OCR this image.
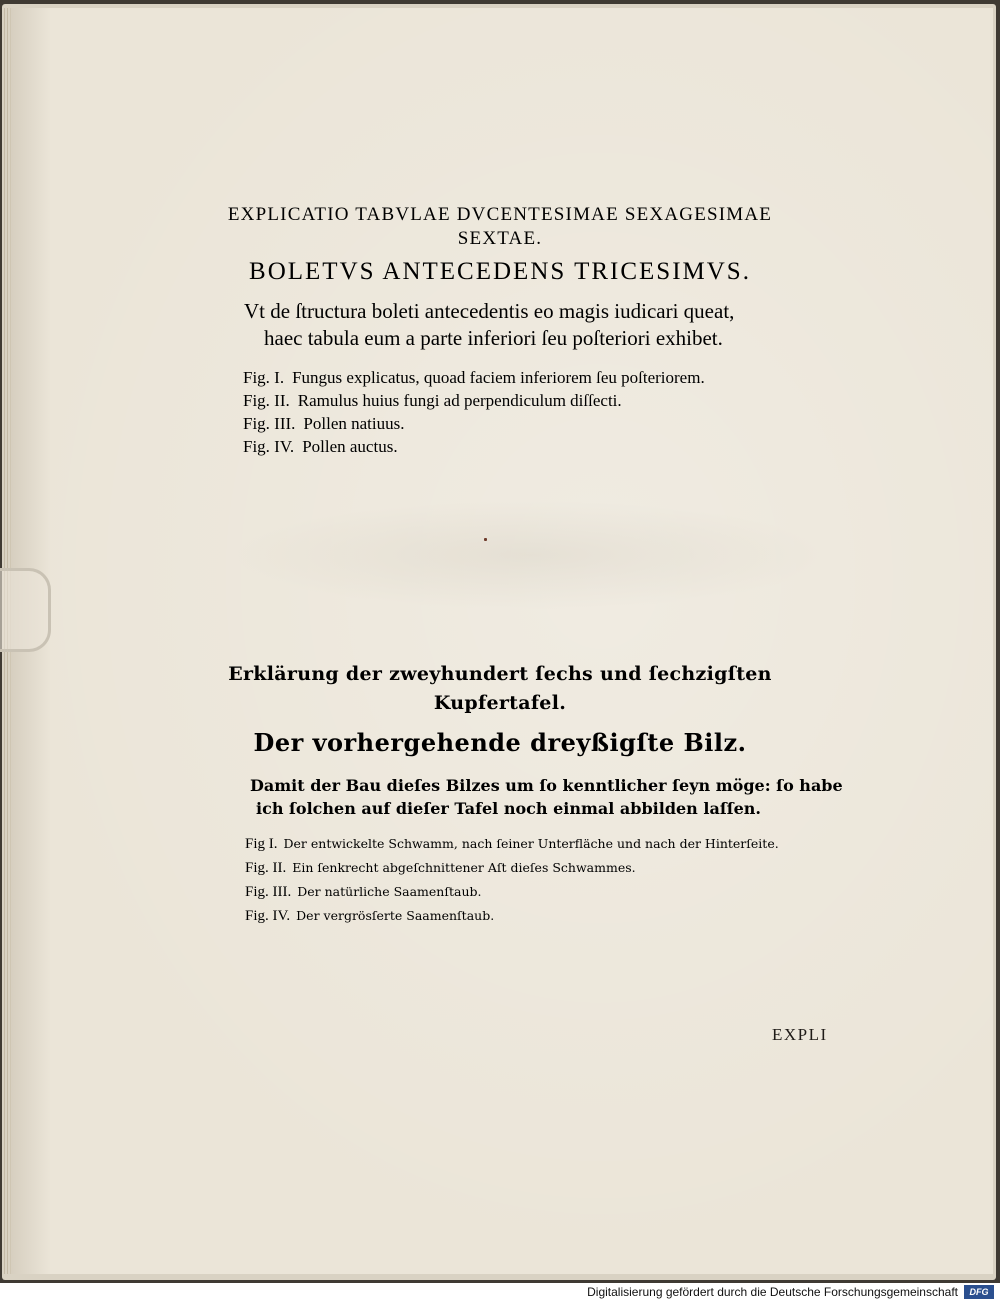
EXPLICATIO TABVLAE DVCENTESIMAE SEXAGESIMAE
SEXTAE.
BOLETVS ANTECEDENS TRICESIMVS.
Vt de ſtructura boleti antecedentis eo magis iudicari queat,
haec tabula eum a parte inferiori ſeu poſteriori exhibet.
Fig. I. Fungus explicatus, quoad faciem inferiorem ſeu poſteriorem.
Fig. II. Ramulus huius fungi ad perpendiculum diſſecti.
Fig. III. Pollen natiuus.
Fig. IV. Pollen auctus.
Erklärung der zweyhundert ſechs und ſechzigſten
Kupfertafel.
Der vorhergehende dreyßigſte Bilz.
Damit der Bau dieſes Bilzes um ſo kenntlicher ſeyn möge: ſo habe
ich ſolchen auf dieſer Tafel noch einmal abbilden laſſen.
Fig I. Der entwickelte Schwamm, nach ſeiner Unterfläche und nach der Hinterſeite.
Fig. II. Ein ſenkrecht abgeſchnittener Aſt dieſes Schwammes.
Fig. III. Der natürliche Saamenſtaub.
Fig. IV. Der vergrösſerte Saamenſtaub.
EXPLI
Digitalisierung gefördert durch die Deutsche Forschungsgemeinschaft	DFG
